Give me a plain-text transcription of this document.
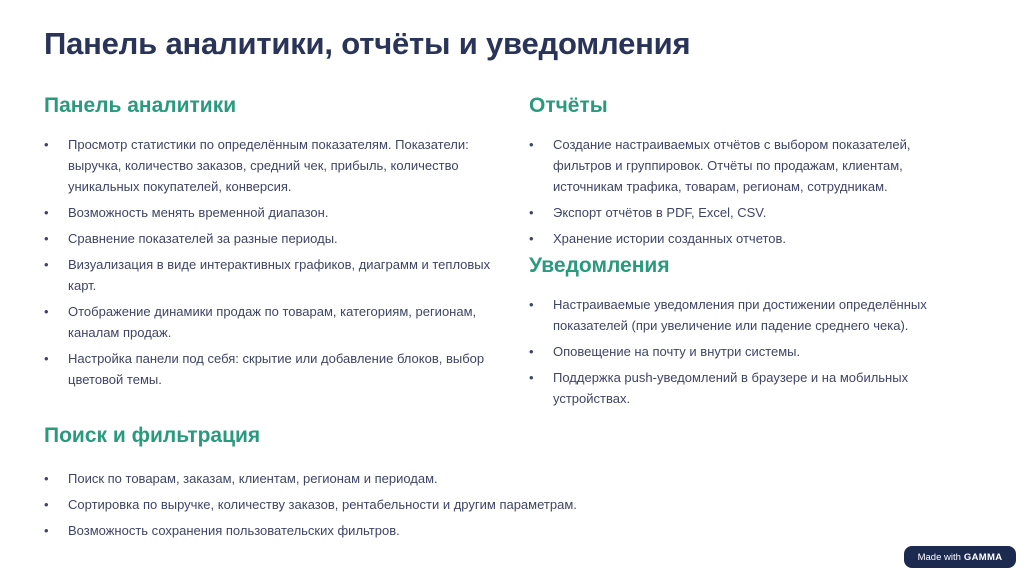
Панель аналитики, отчёты и уведомления
Панель аналитики
• Просмотр статистики по определённым показателям. Показатели: выручка, количество заказов, средний чек, прибыль, количество уникальных покупателей, конверсия.
• Возможность менять временной диапазон.
• Сравнение показателей за разные периоды.
• Визуализация в виде интерактивных графиков, диаграмм и тепловых карт.
• Отображение динамики продаж по товарам, категориям, регионам, каналам продаж.
• Настройка панели под себя: скрытие или добавление блоков, выбор цветовой темы.
Отчёты
• Создание настраиваемых отчётов с выбором показателей, фильтров и группировок. Отчёты по продажам, клиентам, источникам трафика, товарам, регионам, сотрудникам.
• Экспорт отчётов в PDF, Excel, CSV.
• Хранение истории созданных отчетов.
Уведомления
• Настраиваемые уведомления при достижении определённых показателей (при увеличение или падение среднего чека).
• Оповещение на почту и внутри системы.
• Поддержка push-уведомлений в браузере и на мобильных устройствах.
Поиск и фильтрация
• Поиск по товарам, заказам, клиентам, регионам и периодам.
• Сортировка по выручке, количеству заказов, рентабельности и другим параметрам.
• Возможность сохранения пользовательских фильтров.
Made with GAMMA
